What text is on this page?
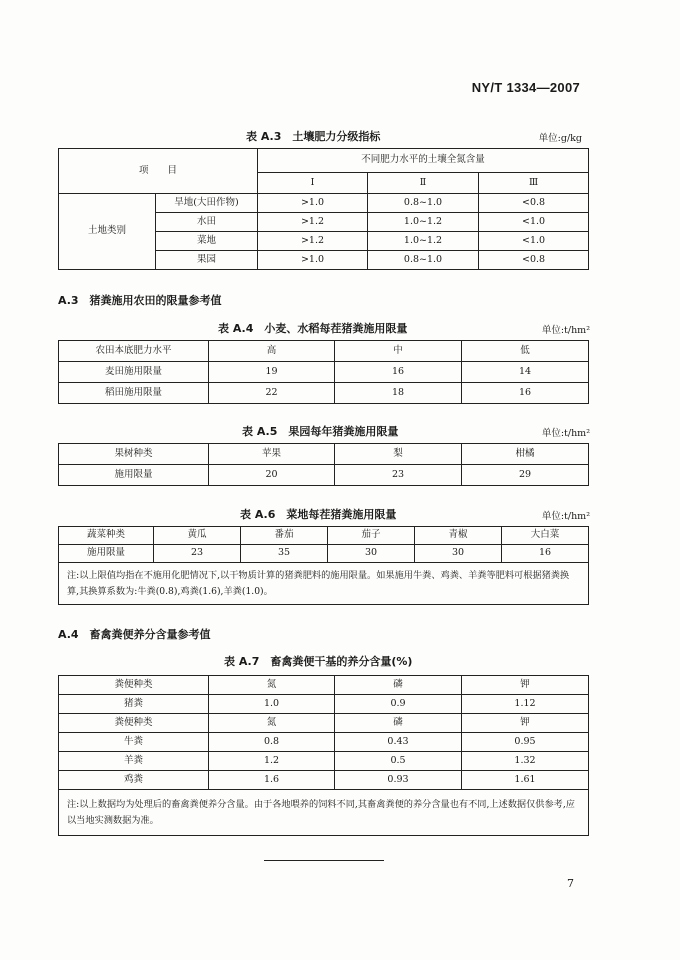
NY/T 1334—2007
表 A.3　土壤肥力分级指标	单位:g/kg
项　　目		不同肥力水平的土壤全氮含量		
		Ⅰ	Ⅱ	Ⅲ
土地类别	旱地(大田作物)	>1.0	0.8~1.0	<0.8
	水田	>1.2	1.0~1.2	<1.0
	菜地	>1.2	1.0~1.2	<1.0
	果园	>1.0	0.8~1.0	<0.8
A.3　猪粪施用农田的限量参考值
表 A.4　小麦、水稻每茬猪粪施用限量	单位:t/hm²
农田本底肥力水平	高	中	低
麦田施用限量	19	16	14
稻田施用限量	22	18	16
表 A.5　果园每年猪粪施用限量	单位:t/hm²
果树种类	苹果	梨	柑橘
施用限量	20	23	29
表 A.6　菜地每茬猪粪施用限量	单位:t/hm²
蔬菜种类	黄瓜	番茄	茄子	青椒	大白菜
施用限量	23	35	30	30	16
注:以上限值均指在不施用化肥情况下,以干物质计算的猪粪肥料的施用限量。如果施用牛粪、鸡粪、羊粪等肥料可根据猪粪换算,其换算系数为:牛粪(0.8),鸡粪(1.6),羊粪(1.0)。					
A.4　畜禽粪便养分含量参考值
表 A.7　畜禽粪便干基的养分含量(%)
粪便种类	氮	磷	钾
猪粪	1.0	0.9	1.12
粪便种类	氮	磷	钾
牛粪	0.8	0.43	0.95
羊粪	1.2	0.5	1.32
鸡粪	1.6	0.93	1.61
注:以上数据均为处理后的畜禽粪便养分含量。由于各地喂养的饲料不同,其畜禽粪便的养分含量也有不同,上述数据仅供参考,应以当地实测数据为准。			
7
